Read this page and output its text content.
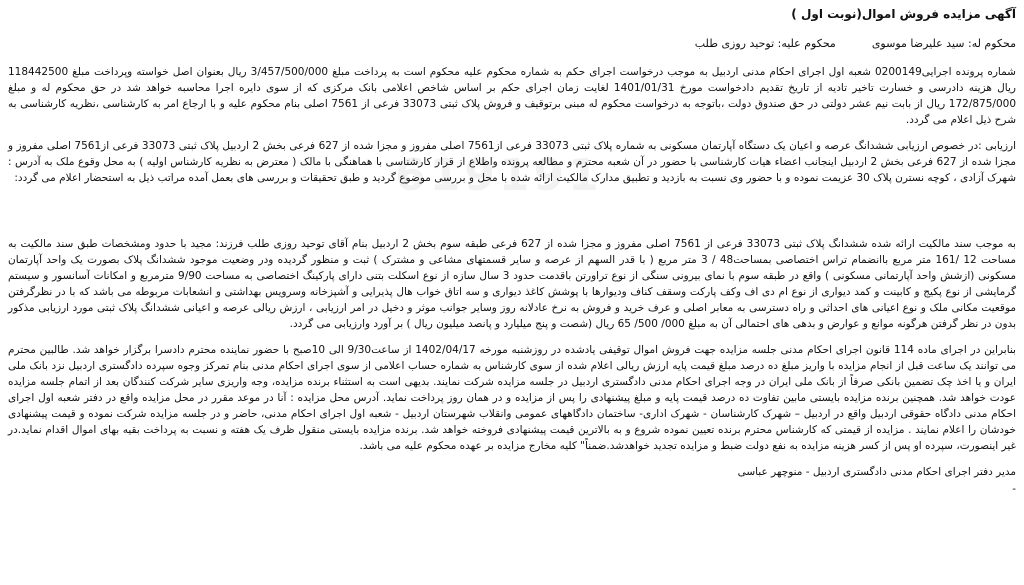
619191
آگهی مزایده فروش اموال(نوبت اول )
محکوم له: سید علیرضا موسوی
محکوم علیه: توحید روزی طلب

شماره پرونده اجرایی0200149 شعبه اول اجرای احکام مدنی اردبیل به موجب درخواست اجرای حکم به شماره محکوم علیه محکوم است به پرداخت مبلغ 3/457/500/000 ریال بعنوان اصل خواسته وپرداخت مبلغ 118442500 ریال هزینه دادرسی و خسارت تاخیر تادیه از تاریخ تقدیم دادخواست مورخ 1401/01/31 لغایت زمان اجرای حکم بر اساس شاخص اعلامی بانک مرکزی که از سوی دایره اجرا محاسبه خواهد شد در حق محکوم له و مبلغ 172/875/000 ریال از بابت نیم عشر دولتی در حق صندوق دولت ،باتوجه به درخواست محکوم له مبنی برتوقیف و فروش پلاک ثبتی 33073 فرعی از 7561 اصلی بنام محکوم علیه و با ارجاع امر به کارشناسی ،نظریه کارشناسی به شرح ذیل اعلام می گردد.

ارزیابی :در خصوص ارزیابی ششدانگ عرصه و اعیان یک دستگاه آپارتمان مسکونی به شماره پلاک ثبتی 33073 فرعی از7561 اصلی مفروز و مجزا شده از 627 فرعی بخش 2 اردبیل پلاک ثبتی 33073 فرعی از7561 اصلی مفروز و مجزا شده از 627 فرعی بخش 2 اردبیل اینجانب اعضاء هیات کارشناسی با حضور در آن شعبه محترم و مطالعه پرونده واطلاع از قرار کارشناسی با هماهنگی با مالک ( معترض به نظریه کارشناس اولیه ) به محل وقوع ملک به آدرس : شهرک آزادی ، کوچه نسترن پلاک 30 عزیمت نموده و با حضور وی نسبت به بازدید و تطبیق مدارک مالکیت ارائه شده با محل و بررسی موضوع گردید و طبق تحقیقات و بررسی های بعمل آمده مراتب ذیل به استحضار اعلام می گردد:

به موجب سند مالکیت ارائه شده ششدانگ پلاک ثبتی 33073 فرعی از 7561 اصلی مفروز و مجزا شده از 627 فرعی طبقه سوم بخش 2 اردبیل بنام آقای توحید روزی طلب فرزند: مجید با حدود ومشخصات طبق سند مالکیت به مساحت 12 /161 متر مربع باانضمام تراس اختصاصی بمساحت48 / 3 متر مربع ( با قدر السهم از عرصه و سایر قسمتهای مشاعی و مشترک ) ثبت و منظور گردیده ودر وضعیت موجود ششدانگ پلاک بصورت یک واحد آپارتمان مسکونی (ازشش واحد آپارتمانی مسکونی ) واقع در طبقه سوم با نمای بیرونی سنگی از نوع تراورتن باقدمت حدود 3 سال سازه از نوع اسکلت بتنی دارای پارکینگ اختصاصی به مساحت 9/90 مترمربع و امکانات آسانسور و سیستم گرمایشی از نوع پکیج و کابینت و کمد دیواری از نوع ام دی اف وکف پارکت وسقف کناف ودیوارها با پوشش کاغذ دیواری و سه اتاق خواب هال پذیرایی و آشپزخانه وسرویس بهداشتی و انشعابات مربوطه می باشد که با در نظرگرفتن موقعیت مکانی ملک و نوع اعیانی های احداثی و راه دسترسی به معابر اصلی و عرف خرید و فروش به نرخ عادلانه روز وسایر جوانب موثر و دخیل در امر ارزیابی ، ارزش ریالی عرصه و اعیانی ششدانگ پلاک ثبتی مورد ارزیابی مذکور بدون در نظر گرفتن هرگونه موانع و عوارض و بدهی های احتمالی آن به مبلغ 000/ 500/ 65 ریال (شصت و پنج میلیارد و پانصد میلیون ریال ) بر آورد وارزیابی می گردد.

بنابراین در اجرای ماده 114 قانون اجرای احکام مدنی جلسه مزایده جهت فروش اموال توقیفی یادشده در روزشنبه مورخه 1402/04/17 از ساعت9/30 الی 10صبح با حضور نماینده محترم دادسرا برگزار خواهد شد. طالبین محترم می توانند یک ساعت قبل از انجام مزایده با واریز مبلغ ده درصد مبلغ قیمت پایه ارزش ریالی اعلام شده از سوی کارشناس به شماره حساب اعلامی از سوی اجرای احکام مدنی بنام تمرکز وجوه سپرده دادگستری اردبیل نزد بانک ملی ایران و یا اخذ چک تضمین بانکی صرفاً از بانک ملی ایران در وجه اجرای احکام مدنی دادگستری اردبیل در جلسه مزایده شرکت نمایند. بدیهی است به استثناء برنده مزایده، وجه واریزی سایر شرکت کنندگان بعد از اتمام جلسه مزایده عودت خواهد شد. همچنین برنده مزایده بایستی مابین تفاوت ده درصد قیمت پایه و مبلغ پیشنهادی را پس از مزایده و در همان روز پرداخت نماید. آدرس محل مزایده : آنا در موعد مقرر در محل مزایده واقع در دفتر شعبه اول اجرای احکام مدنی دادگاه حقوقی اردبیل واقع در اردبیل – شهرک کارشناسان - شهرک اداری- ساختمان دادگاههای عمومی وانقلاب شهرستان اردبیل - شعبه اول اجرای احکام مدنی، حاضر و در جلسه مزایده شرکت نموده و قیمت پیشنهادی خودشان را اعلام نمایند . مزایده از قیمتی که کارشناس محترم برنده تعیین نموده شروع و به بالاترین قیمت پیشنهادی فروخته خواهد شد. برنده مزایده بایستی منقول ظرف یک هفته و نسبت به پرداخت بقیه بهای اموال اقدام نماید.در غیر اینصورت، سپرده او پس از کسر هزینه مزایده به نفع دولت ضبط و مزایده تجدید خواهدشد.ضمناً" کلیه مخارج مزایده بر عهده محکوم علیه می باشد.

مدیر دفتر اجرای احکام مدنی دادگستری اردبیل - منوچهر عباسی
-
